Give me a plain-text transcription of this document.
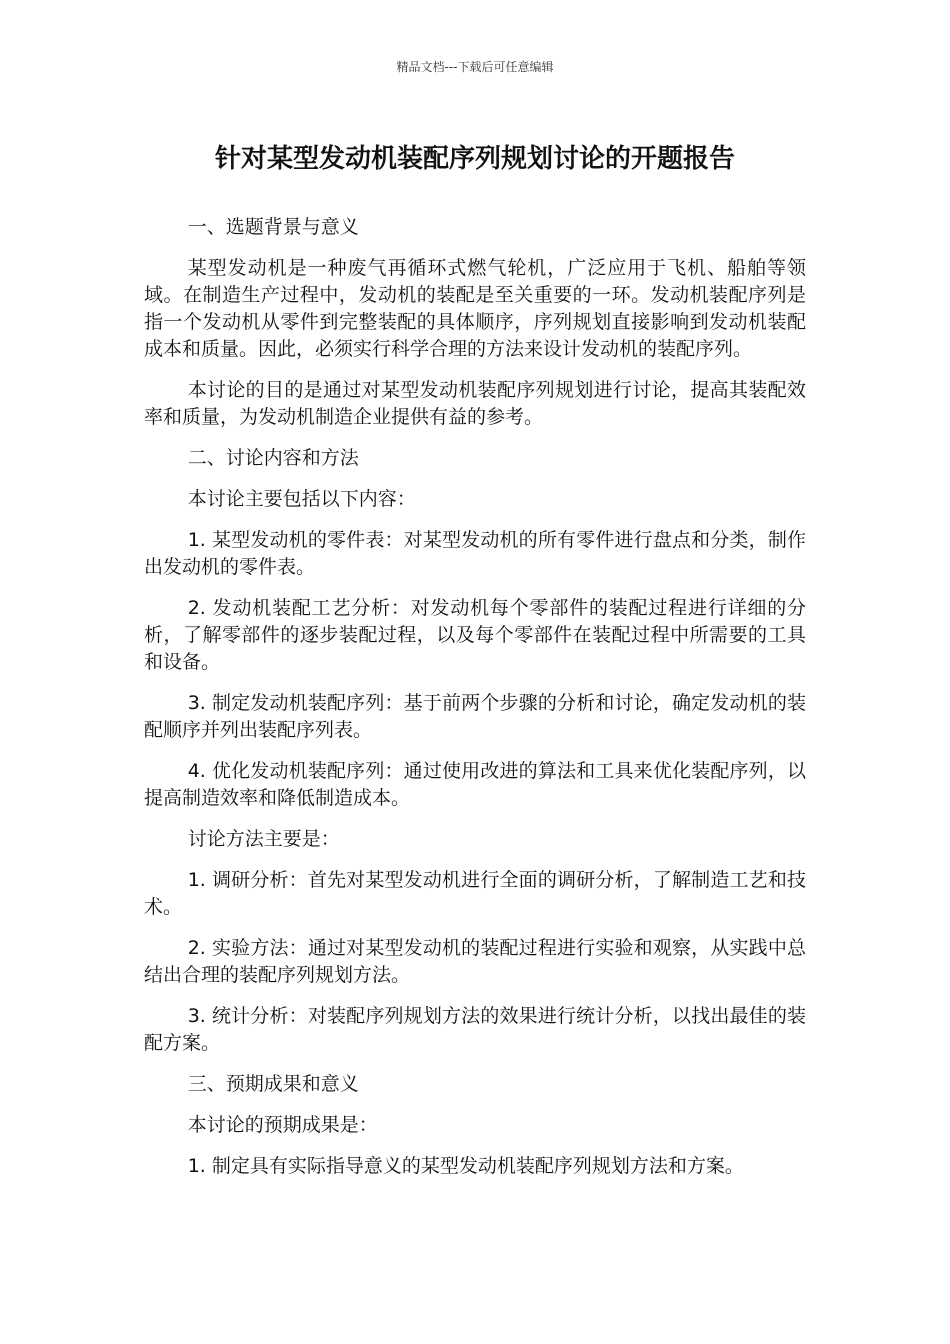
精品文档---下载后可任意编辑
针对某型发动机装配序列规划讨论的开题报告

一、选题背景与意义

某型发动机是一种废气再循环式燃气轮机，广泛应用于飞机、船舶等领域。在制造生产过程中，发动机的装配是至关重要的一环。发动机装配序列是指一个发动机从零件到完整装配的具体顺序，序列规划直接影响到发动机装配成本和质量。因此，必须实行科学合理的方法来设计发动机的装配序列。

本讨论的目的是通过对某型发动机装配序列规划进行讨论，提高其装配效率和质量，为发动机制造企业提供有益的参考。

二、讨论内容和方法

本讨论主要包括以下内容：

1. 某型发动机的零件表：对某型发动机的所有零件进行盘点和分类，制作出发动机的零件表。

2. 发动机装配工艺分析：对发动机每个零部件的装配过程进行详细的分析，了解零部件的逐步装配过程，以及每个零部件在装配过程中所需要的工具和设备。

3. 制定发动机装配序列：基于前两个步骤的分析和讨论，确定发动机的装配顺序并列出装配序列表。

4. 优化发动机装配序列：通过使用改进的算法和工具来优化装配序列，以提高制造效率和降低制造成本。

讨论方法主要是：

1. 调研分析：首先对某型发动机进行全面的调研分析，了解制造工艺和技术。

2. 实验方法：通过对某型发动机的装配过程进行实验和观察，从实践中总结出合理的装配序列规划方法。

3. 统计分析：对装配序列规划方法的效果进行统计分析，以找出最佳的装配方案。

三、预期成果和意义

本讨论的预期成果是：

1. 制定具有实际指导意义的某型发动机装配序列规划方法和方案。
